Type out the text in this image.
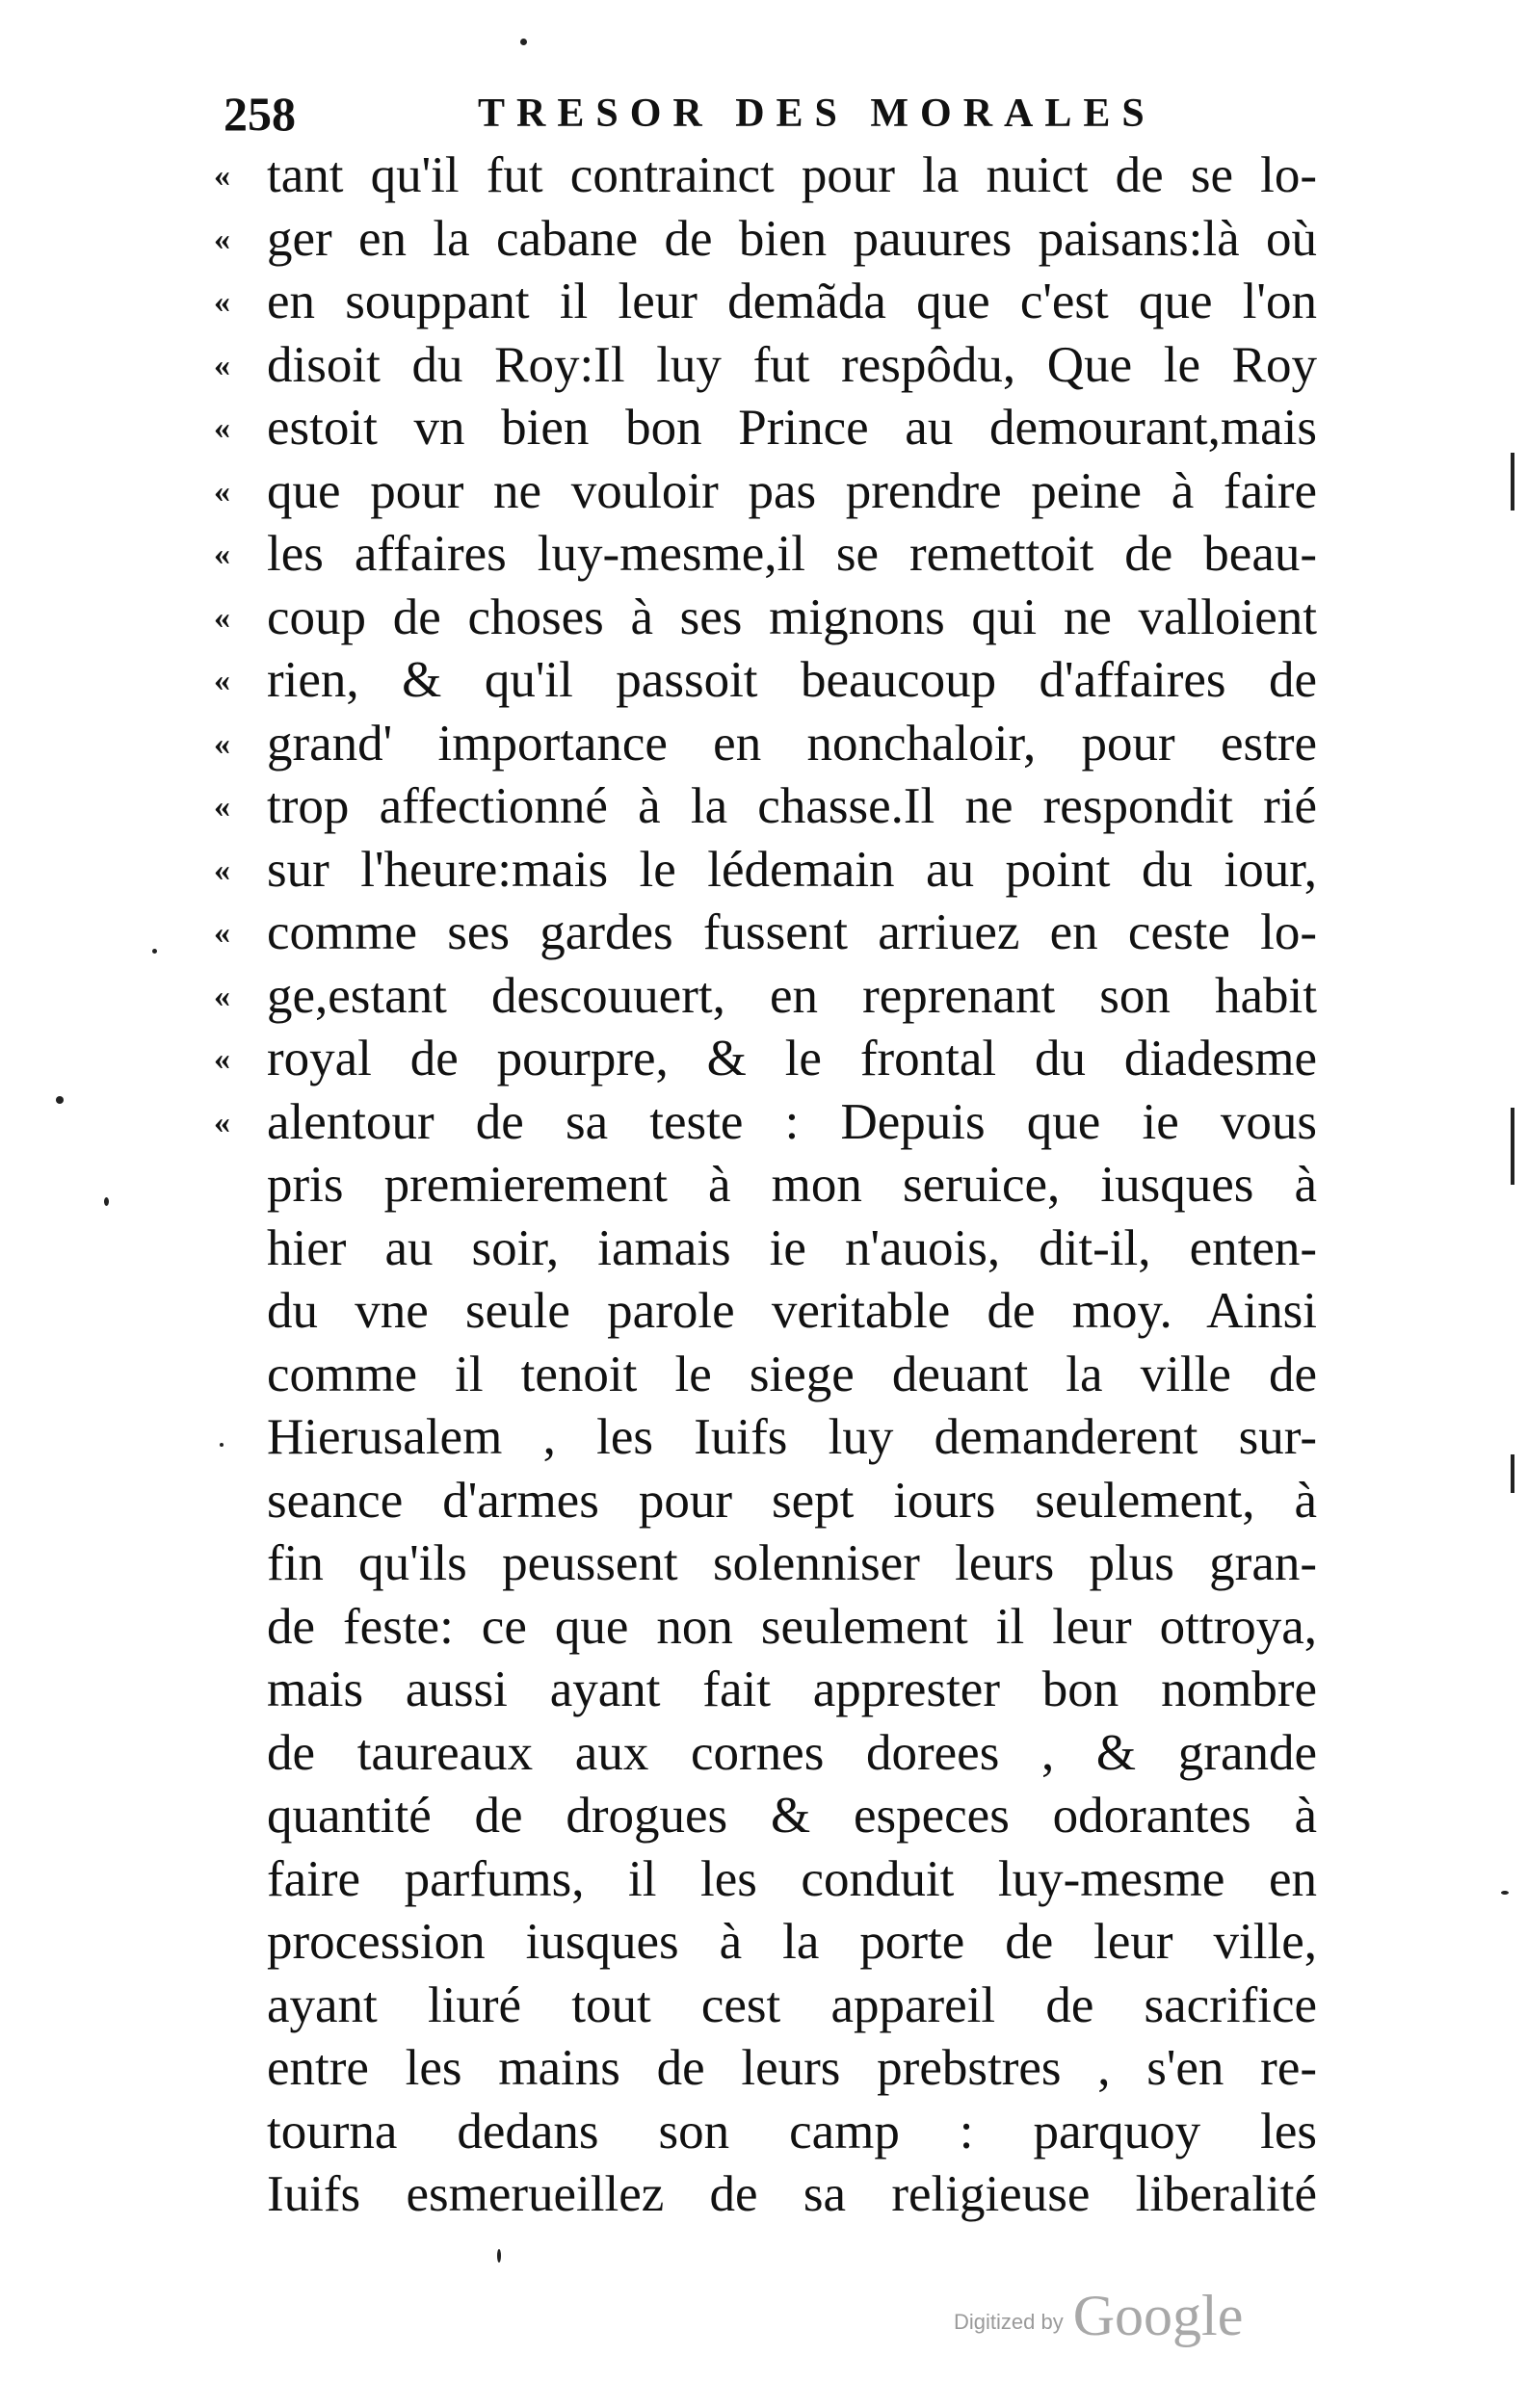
258	TRESOR DES MORALES
« tant qu'il fut contrainct pour la nuict de se lo-
« ger en la cabane de bien pauures paisans:là où
« en souppant il leur demãda que c'est que l'on
« disoit du Roy:Il luy fut respôdu, Que le Roy
« estoit vn bien bon Prince au demourant,mais
« que pour ne vouloir pas prendre peine à faire
« les affaires luy-mesme,il se remettoit de beau-
« coup de choses à ses mignons qui ne valloient
« rien, & qu'il passoit beaucoup d'affaires de
« grand' importance en nonchaloir, pour estre
« trop affectionné à la chasse.Il ne respondit rié
« sur l'heure:mais le lédemain au point du iour,
« comme ses gardes fussent arriuez en ceste lo-
« ge,estant descouuert, en reprenant son habit
« royal de pourpre, & le frontal du diadesme
« alentour de sa teste : Depuis que ie vous
pris premierement à mon seruice, iusques à
hier au soir, iamais ie n'auois, dit-il, enten-
du vne seule parole veritable de moy. Ainsi
comme il tenoit le siege deuant la ville de
Hierusalem , les Iuifs luy demanderent sur-
seance d'armes pour sept iours seulement, à
fin qu'ils peussent solenniser leurs plus gran-
de feste: ce que non seulement il leur ottroya,
mais aussi ayant fait apprester bon nombre
de taureaux aux cornes dorees , & grande
quantité de drogues & especes odorantes à
faire parfums, il les conduit luy-mesme en
procession iusques à la porte de leur ville,
ayant liuré tout cest appareil de sacrifice
entre les mains de leurs prebstres , s'en re-
tourna dedans son camp : parquoy les
Iuifs esmerueillez de sa religieuse liberalité
Digitized by Google
